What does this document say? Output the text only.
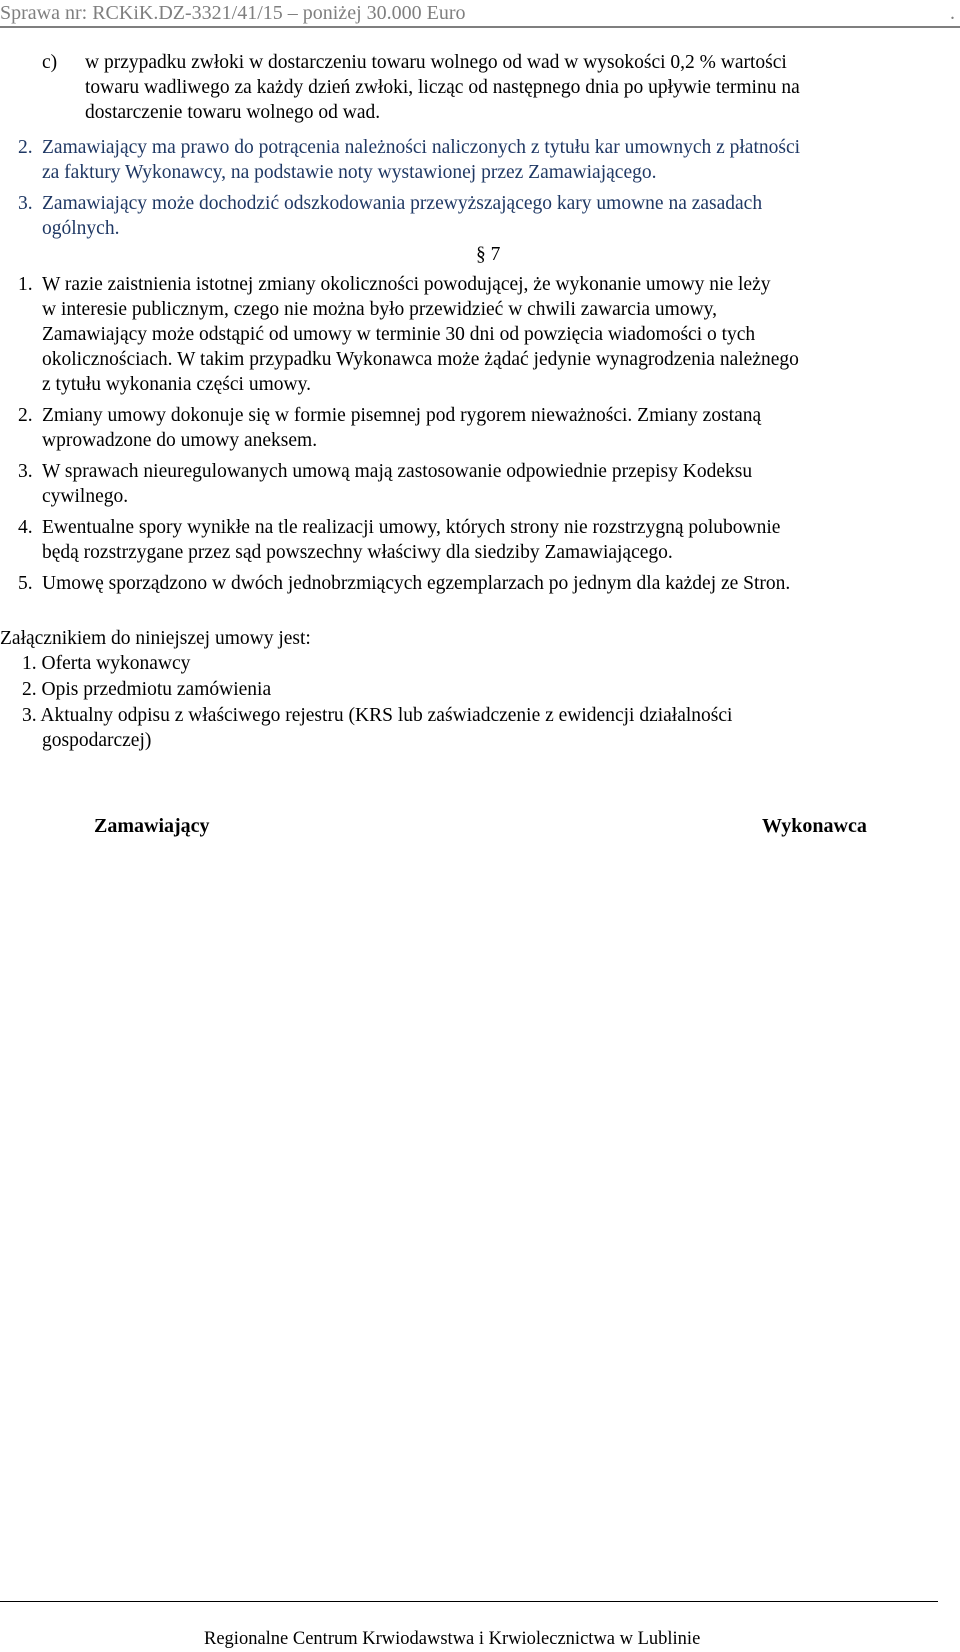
Sprawa nr: RCKiK.DZ-3321/41/15 – poniżej 30.000 Euro	.
c) w przypadku zwłoki w dostarczeniu towaru wolnego od wad w wysokości 0,2 % wartości
towaru wadliwego za każdy dzień zwłoki, licząc od następnego dnia po upływie terminu na
dostarczenie towaru wolnego od wad.
2. Zamawiający ma prawo do potrącenia należności naliczonych z tytułu kar umownych z płatności
za faktury Wykonawcy, na podstawie noty wystawionej przez Zamawiającego.
3. Zamawiający może dochodzić odszkodowania przewyższającego kary umowne na zasadach
ogólnych.
§ 7
1. W razie zaistnienia istotnej zmiany okoliczności powodującej, że wykonanie umowy nie leży
w interesie publicznym, czego nie można było przewidzieć w chwili zawarcia umowy,
Zamawiający może odstąpić od umowy w terminie 30 dni od powzięcia wiadomości o tych
okolicznościach. W takim przypadku Wykonawca może żądać jedynie wynagrodzenia należnego
z tytułu wykonania części umowy.
2. Zmiany umowy dokonuje się w formie pisemnej pod rygorem nieważności. Zmiany zostaną
wprowadzone do umowy aneksem.
3. W sprawach nieuregulowanych umową mają zastosowanie odpowiednie przepisy Kodeksu
cywilnego.
4. Ewentualne spory wynikłe na tle realizacji umowy, których strony nie rozstrzygną polubownie
będą rozstrzygane przez sąd powszechny właściwy dla siedziby Zamawiającego.
5. Umowę sporządzono w dwóch jednobrzmiących egzemplarzach po jednym dla każdej ze Stron.
Załącznikiem do niniejszej umowy jest:
1. Oferta wykonawcy
2. Opis przedmiotu zamówienia
3. Aktualny odpisu z właściwego rejestru (KRS lub zaświadczenie z ewidencji działalności
gospodarczej)
Zamawiający	Wykonawca
Regionalne Centrum Krwiodawstwa i Krwiolecznictwa w Lublinie
